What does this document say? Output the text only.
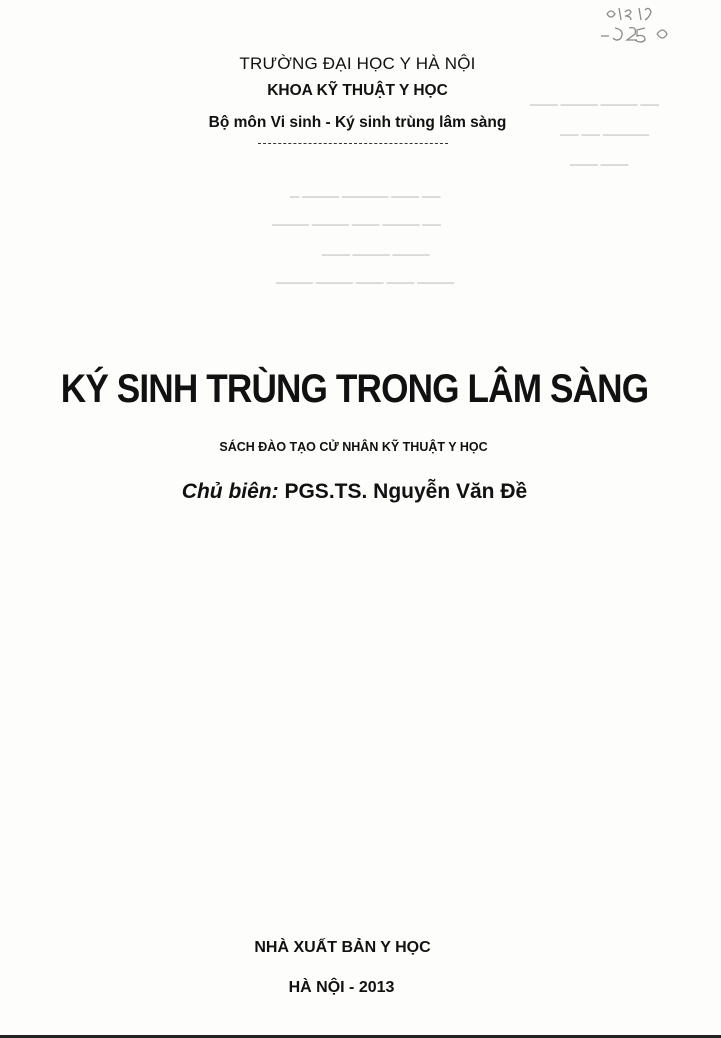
▁▁▁ ▁▁▁▁ ▁▁▁▁ ▁▁
▁▁ ▁▁ ▁▁▁▁▁
▁▁▁ ▁▁▁
▁ ▁▁▁▁ ▁▁▁▁▁ ▁▁▁ ▁▁
▁▁▁▁ ▁▁▁▁ ▁▁▁ ▁▁▁▁ ▁▁
▁▁▁ ▁▁▁▁ ▁▁▁▁
▁▁▁▁ ▁▁▁▁ ▁▁▁ ▁▁▁ ▁▁▁▁
TRƯỜNG ĐẠI HỌC Y HÀ NỘI
KHOA KỸ THUẬT Y HỌC
Bộ môn Vi sinh - Ký sinh trùng lâm sàng
KÝ SINH TRÙNG TRONG LÂM SÀNG
SÁCH ĐÀO TẠO CỬ NHÂN KỸ THUẬT Y HỌC
Chủ biên: PGS.TS. Nguyễn Văn Đề
NHÀ XUẤT BẢN Y HỌC
HÀ NỘI - 2013
